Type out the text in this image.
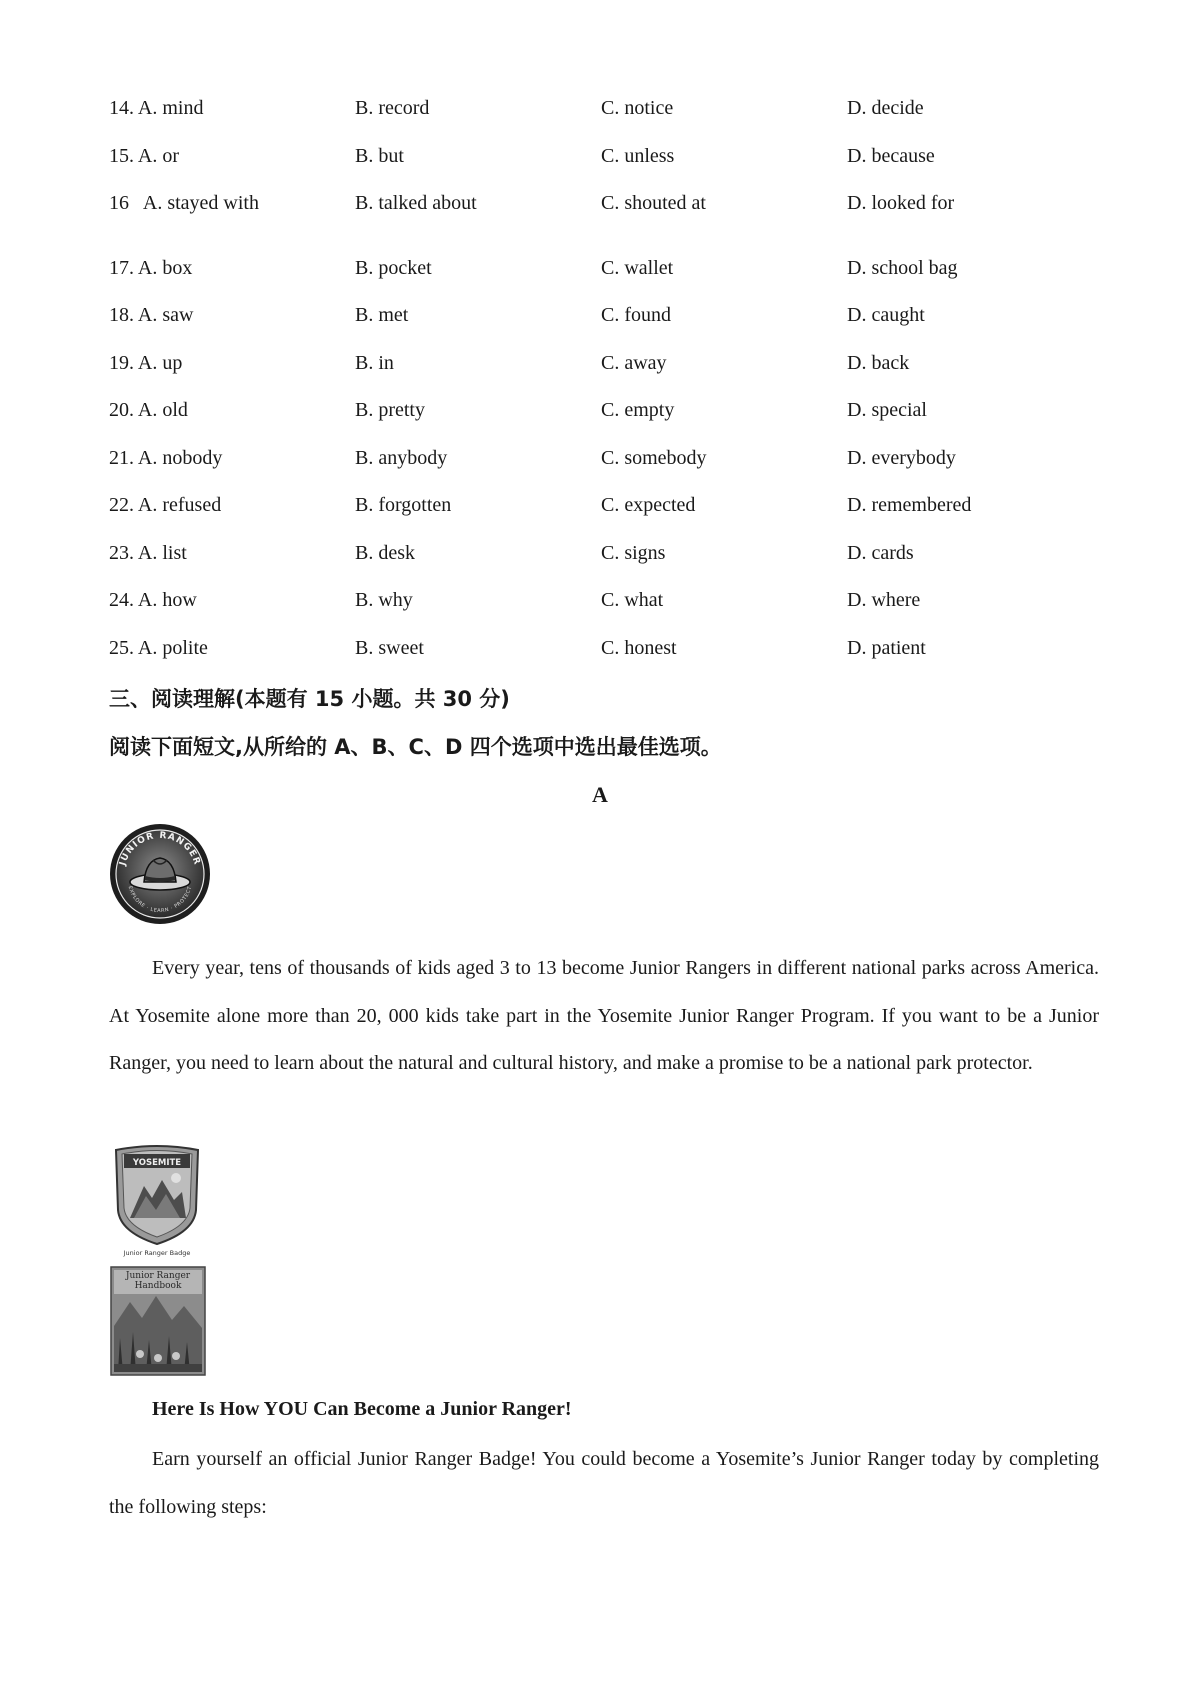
14. A. mind	B. record	C. notice	D. decide
15. A. or	B. but	C. unless	D. because
16   A. stayed with	B. talked about	C. shouted at	D. looked for
17. A. box	B. pocket	C. wallet	D. school bag
18. A. saw	B. met	C. found	D. caught
19. A. up	B. in	C. away	D. back
20. A. old	B. pretty	C. empty	D. special
21. A. nobody	B. anybody	C. somebody	D. everybody
22. A. refused	B. forgotten	C. expected	D. remembered
23. A. list	B. desk	C. signs	D. cards
24. A. how	B. why	C. what	D. where
25. A. polite	B. sweet	C. honest	D. patient
三、阅读理解(本题有 15 小题。共 30 分)
阅读下面短文,从所给的 A、B、C、D 四个选项中选出最佳选项。
A
JUNIOR RANGER
EXPLORE · LEARN · PROTECT
Every year, tens of thousands of kids aged 3 to 13 become Junior Rangers in different national parks across America. At Yosemite alone more than 20, 000 kids take part in the Yosemite Junior Ranger Program. If you want to be a Junior Ranger, you need to learn about the natural and cultural history, and make a promise to be a national park protector.
YOSEMITE
Junior Ranger Badge
Junior Ranger Handbook
Here Is How YOU Can Become a Junior Ranger!
Earn yourself an official Junior Ranger Badge! You could become a Yosemite’s Junior Ranger today by completing the following steps:
